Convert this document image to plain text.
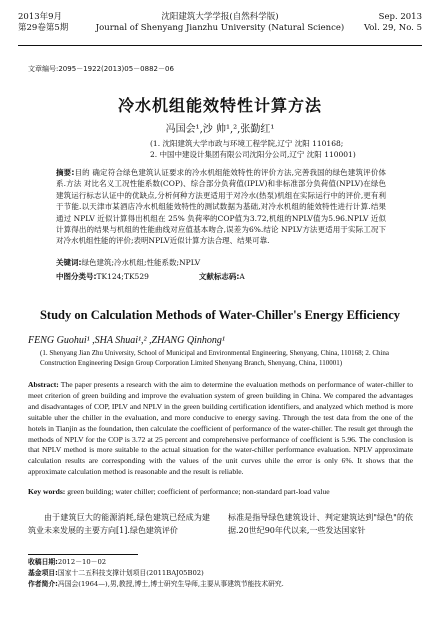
2013年9月
第29卷第5期
沈阳建筑大学学报(自然科学版)
Journal of Shenyang Jianzhu University (Natural Science)
Sep. 2013
Vol. 29, No. 5
文章编号:2095－1922(2013)05－0882－06
冷水机组能效特性计算方法
冯国会¹,沙 帅¹,²,张勤红¹
(1. 沈阳建筑大学市政与环境工程学院,辽宁 沈阳 110168;
2. 中国中建设计集团有限公司沈阳分公司,辽宁 沈阳 110001)
摘要:目的 确定符合绿色建筑认证要求的冷水机组能效特性的评价方法,完善我国的绿色建筑评价体系.方法 对比名义工况性能系数(COP)、综合部分负荷值(IPLV)和非标准部分负荷值(NPLV)在绿色建筑运行标志认证中的优缺点,分析何种方法更适用于对冷水(热泵)机组在实际运行中的评价,更有利于节能.以天津市某酒店冷水机组能效特性的测试数据为基础,对冷水机组的能效特性进行计算.结果 通过 NPLV 近似计算得出机组在 25% 负荷率的COP值为3.72,机组的NPLV值为5.96.NPLV 近似计算得出的结果与机组的性能曲线对应值基本吻合,误差为6%.结论 NPLV方法更适用于实际工况下对冷水机组性能的评价;表明NPLV近似计算方法合理、结果可靠.
关键词:绿色建筑;冷水机组;性能系数;NPLV
中图分类号:TK124;TK529	文献标志码:A
Study on Calculation Methods of Water-Chiller's Energy Efficiency
FENG Guohui¹ ,SHA Shuai¹,² ,ZHANG Qinhong¹
(1. Shenyang Jian Zhu University, School of Municipal and Environmental Engineering, Shenyang, China, 110168; 2. China Construction Engineering Design Group Corporation Limited Shenyang Branch, Shenyang, China, 110001)
Abstract: The paper presents a research with the aim to determine the evaluation methods on performance of water-chiller to meet criterion of green building and improve the evaluation system of green building in China. We compared the advantages and disadvantages of COP, IPLV and NPLV in the green building certification identifiers, and analyzed which method is more suitable uher the chiller in the evaluation, and more conducive to energy saving. Through the test data from the one of the hotels in Tianjin as the foundation, then calculate the coefficient of performance of the water-chiller. The result get through the methods of NPLV for the COP is 3.72 at 25 percent and comprehensive performance of coefficient is 5.96. The conclusion is that NPLV method is more suitable to the actual situation for the water-chiller performance evaluation. NPLV approximate calculation results are corresponding with the values of the unit curves uhile the error is only 6%. It shows that the approximate calculation method is reasonable and the result is reliable.
Key words: green building; water chiller; coefficient of performance; non-standard part-load value
由于建筑巨大的能源消耗,绿色建筑已经成为建筑业未来发展的主要方向[1].绿色建筑评价
标准是指导绿色建筑设计、判定建筑达到"绿色"的依据.20世纪90年代以来,一些发达国家针
收稿日期:2012－10－02
基金项目:国家十二五科技支撑计划项目(2011BAJ05B02)
作者简介:冯国会(1964—),男,教授,博士,博士研究生导师,主要从事建筑节能技术研究.
